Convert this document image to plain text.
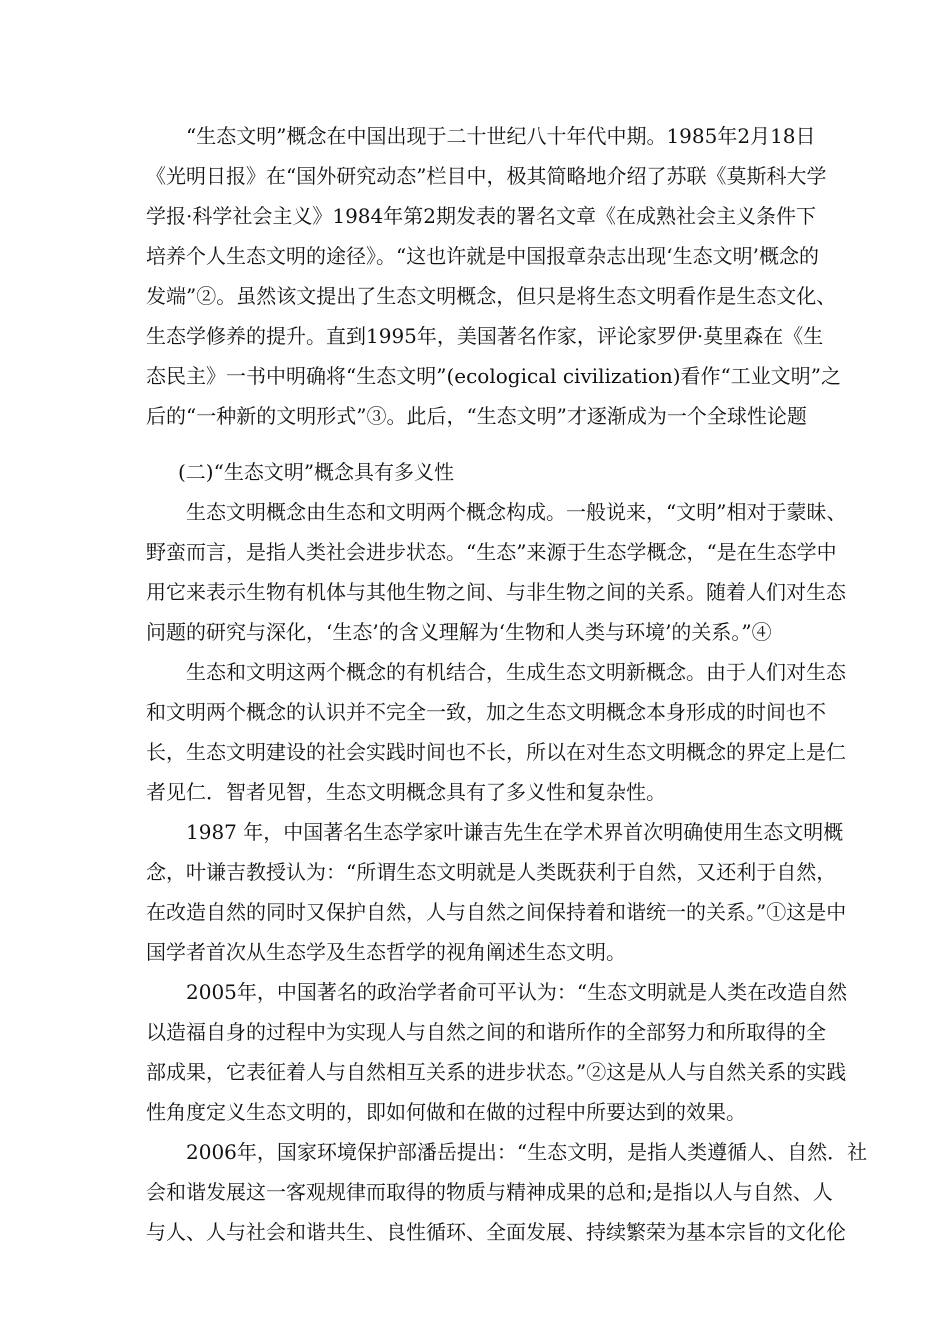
“生态文明”概念在中国出现于二十世纪八十年代中期。1985年2月18日
《光明日报》在“国外研究动态”栏目中，极其简略地介绍了苏联《莫斯科大学
学报·科学社会主义》1984年第2期发表的署名文章《在成熟社会主义条件下
培养个人生态文明的途径》。“这也许就是中国报章杂志出现‘生态文明’概念的
发端”②。虽然该文提出了生态文明概念，但只是将生态文明看作是生态文化、
生态学修养的提升。直到1995年，美国著名作家，评论家罗伊·莫里森在《生
态民主》一书中明确将“生态文明”(ecological civilization)看作“工业文明”之
后的“一种新的文明形式”③。此后，“生态文明”才逐渐成为一个全球性论题
(二)“生态文明”概念具有多义性
生态文明概念由生态和文明两个概念构成。一般说来，“文明”相对于蒙昧、
野蛮而言，是指人类社会进步状态。“生态”来源于生态学概念，“是在生态学中
用它来表示生物有机体与其他生物之间、与非生物之间的关系。随着人们对生态
问题的研究与深化，‘生态’的含义理解为‘生物和人类与环境’的关系。”④
生态和文明这两个概念的有机结合，生成生态文明新概念。由于人们对生态
和文明两个概念的认识并不完全一致，加之生态文明概念本身形成的时间也不
长，生态文明建设的社会实践时间也不长，所以在对生态文明概念的界定上是仁
者见仁．智者见智，生态文明概念具有了多义性和复杂性。
1987 年，中国著名生态学家叶谦吉先生在学术界首次明确使用生态文明概
念，叶谦吉教授认为：“所谓生态文明就是人类既获利于自然，又还利于自然，
在改造自然的同时又保护自然，人与自然之间保持着和谐统一的关系。”①这是中
国学者首次从生态学及生态哲学的视角阐述生态文明。
2005年，中国著名的政治学者俞可平认为：“生态文明就是人类在改造自然
以造福自身的过程中为实现人与自然之间的和谐所作的全部努力和所取得的全
部成果，它表征着人与自然相互关系的进步状态。”②这是从人与自然关系的实践
性角度定义生态文明的，即如何做和在做的过程中所要达到的效果。
2006年，国家环境保护部潘岳提出：“生态文明，是指人类遵循人、自然．社
会和谐发展这一客观规律而取得的物质与精神成果的总和;是指以人与自然、人
与人、人与社会和谐共生、良性循环、全面发展、持续繁荣为基本宗旨的文化伦
